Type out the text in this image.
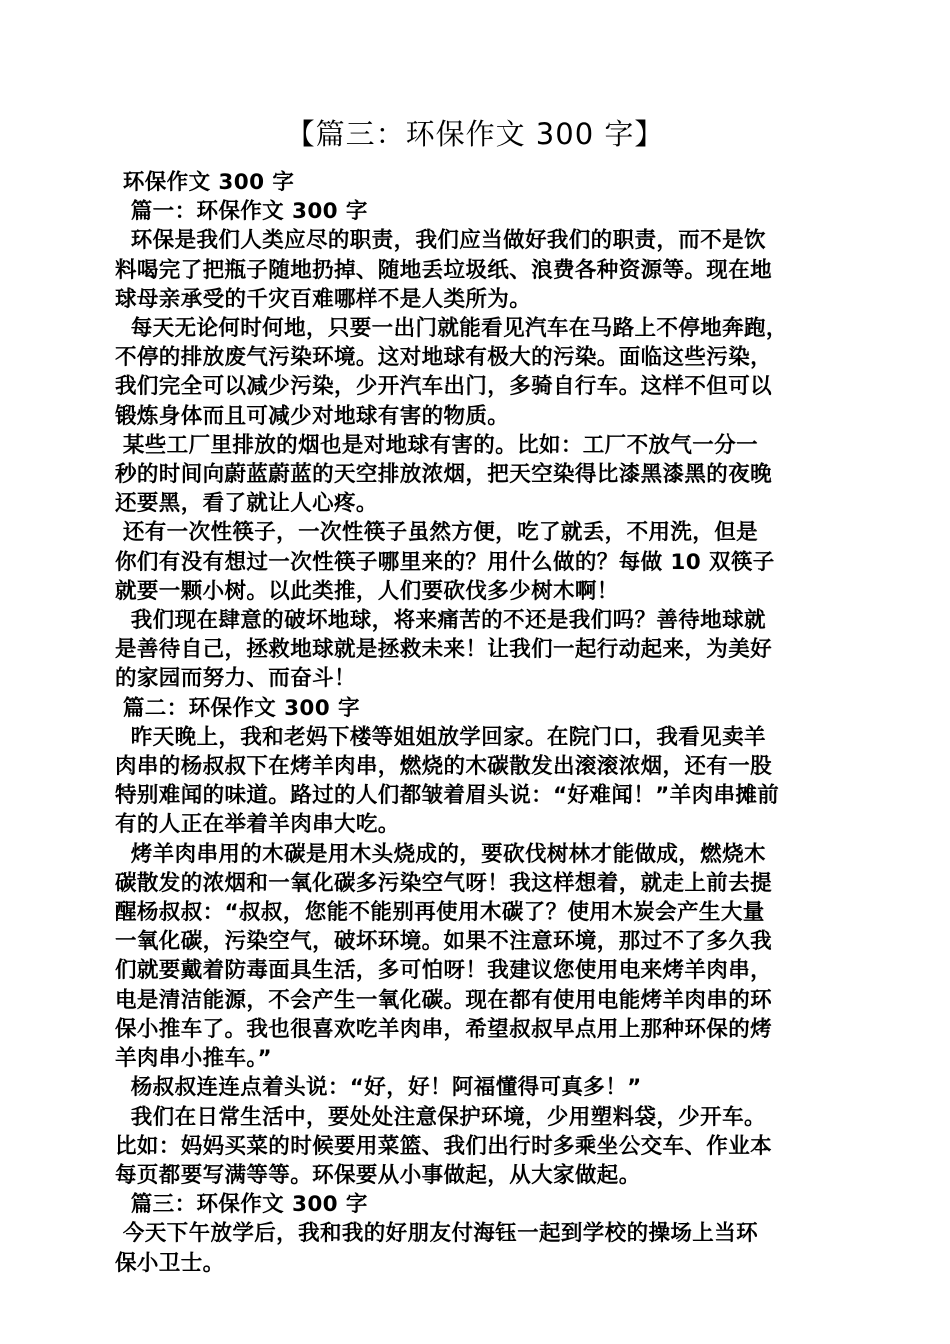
【篇三：环保作文 300 字】
环保作文 300 字
篇一：环保作文 300 字
环保是我们人类应尽的职责，我们应当做好我们的职责，而不是饮
料喝完了把瓶子随地扔掉、随地丢垃圾纸、浪费各种资源等。现在地
球母亲承受的千灾百难哪样不是人类所为。
每天无论何时何地，只要一出门就能看见汽车在马路上不停地奔跑，
不停的排放废气污染环境。这对地球有极大的污染。面临这些污染，
我们完全可以减少污染，少开汽车出门，多骑自行车。这样不但可以
锻炼身体而且可减少对地球有害的物质。
某些工厂里排放的烟也是对地球有害的。比如：工厂不放气一分一
秒的时间向蔚蓝蔚蓝的天空排放浓烟，把天空染得比漆黑漆黑的夜晚
还要黑，看了就让人心疼。
还有一次性筷子，一次性筷子虽然方便，吃了就丢，不用洗，但是
你们有没有想过一次性筷子哪里来的？用什么做的？每做 10 双筷子
就要一颗小树。以此类推，人们要砍伐多少树木啊！
我们现在肆意的破坏地球，将来痛苦的不还是我们吗？善待地球就
是善待自己，拯救地球就是拯救未来！让我们一起行动起来，为美好
的家园而努力、而奋斗！
篇二：环保作文 300 字
昨天晚上，我和老妈下楼等姐姐放学回家。在院门口，我看见卖羊
肉串的杨叔叔下在烤羊肉串，燃烧的木碳散发出滚滚浓烟，还有一股
特别难闻的味道。路过的人们都皱着眉头说：“好难闻！”羊肉串摊前
有的人正在举着羊肉串大吃。
烤羊肉串用的木碳是用木头烧成的，要砍伐树林才能做成，燃烧木
碳散发的浓烟和一氧化碳多污染空气呀！我这样想着，就走上前去提
醒杨叔叔：“叔叔，您能不能别再使用木碳了？使用木炭会产生大量
一氧化碳，污染空气，破坏环境。如果不注意环境，那过不了多久我
们就要戴着防毒面具生活，多可怕呀！我建议您使用电来烤羊肉串，
电是清洁能源，不会产生一氧化碳。现在都有使用电能烤羊肉串的环
保小推车了。我也很喜欢吃羊肉串，希望叔叔早点用上那种环保的烤
羊肉串小推车。”
杨叔叔连连点着头说：“好，好！阿福懂得可真多！”
我们在日常生活中，要处处注意保护环境，少用塑料袋，少开车。
比如：妈妈买菜的时候要用菜篮、我们出行时多乘坐公交车、作业本
每页都要写满等等。环保要从小事做起，从大家做起。
篇三：环保作文 300 字
今天下午放学后，我和我的好朋友付海钰一起到学校的操场上当环
保小卫士。
